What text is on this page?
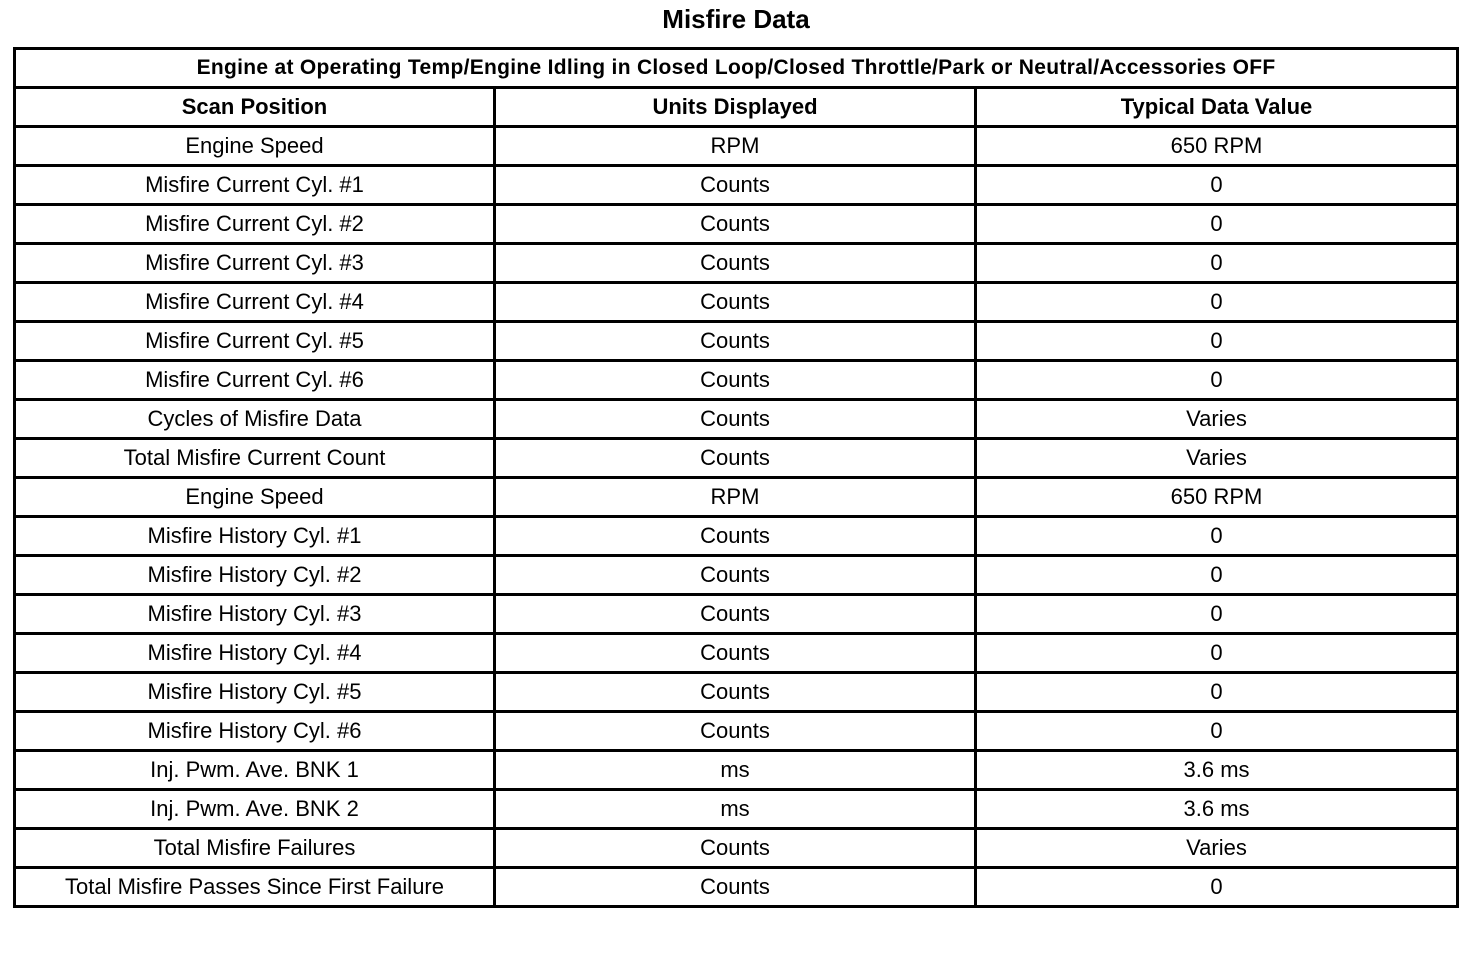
Misfire Data
Engine at Operating Temp/Engine Idling in Closed Loop/Closed Throttle/Park or Neutral/Accessories OFF		
Scan Position	Units Displayed	Typical Data Value
Engine Speed	RPM	650 RPM
Misfire Current Cyl. #1	Counts	0
Misfire Current Cyl. #2	Counts	0
Misfire Current Cyl. #3	Counts	0
Misfire Current Cyl. #4	Counts	0
Misfire Current Cyl. #5	Counts	0
Misfire Current Cyl. #6	Counts	0
Cycles of Misfire Data	Counts	Varies
Total Misfire Current Count	Counts	Varies
Engine Speed	RPM	650 RPM
Misfire History Cyl. #1	Counts	0
Misfire History Cyl. #2	Counts	0
Misfire History Cyl. #3	Counts	0
Misfire History Cyl. #4	Counts	0
Misfire History Cyl. #5	Counts	0
Misfire History Cyl. #6	Counts	0
Inj. Pwm. Ave. BNK 1	ms	3.6 ms
Inj. Pwm. Ave. BNK 2	ms	3.6 ms
Total Misfire Failures	Counts	Varies
Total Misfire Passes Since First Failure	Counts	0
